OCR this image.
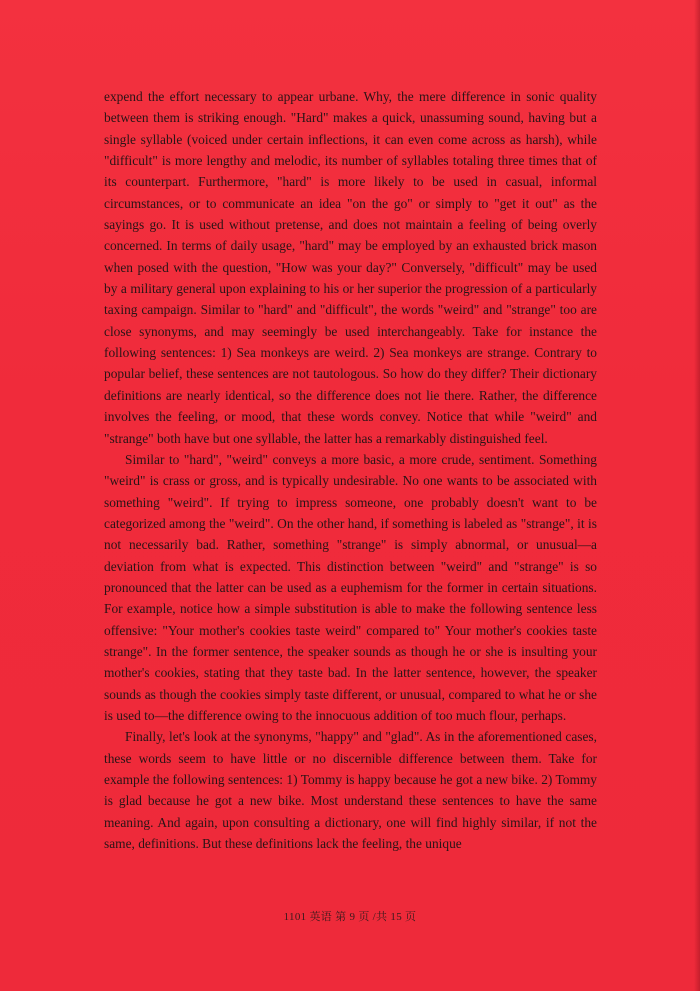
expend the effort necessary to appear urbane. Why, the mere difference in sonic quality between them is striking enough. "Hard" makes a quick, unassuming sound, having but a single syllable (voiced under certain inflections, it can even come across as harsh), while "difficult" is more lengthy and melodic, its number of syllables totaling three times that of its counterpart. Furthermore, "hard" is more likely to be used in casual, informal circumstances, or to communicate an idea "on the go" or simply to "get it out" as the sayings go. It is used without pretense, and does not maintain a feeling of being overly concerned. In terms of daily usage, "hard" may be employed by an exhausted brick mason when posed with the question, "How was your day?" Conversely, "difficult" may be used by a military general upon explaining to his or her superior the progression of a particularly taxing campaign. Similar to "hard" and "difficult", the words "weird" and "strange" too are close synonyms, and may seemingly be used interchangeably. Take for instance the following sentences: 1) Sea monkeys are weird. 2) Sea monkeys are strange. Contrary to popular belief, these sentences are not tautologous. So how do they differ? Their dictionary definitions are nearly identical, so the difference does not lie there. Rather, the difference involves the feeling, or mood, that these words convey. Notice that while "weird" and "strange" both have but one syllable, the latter has a remarkably distinguished feel.

Similar to "hard", "weird" conveys a more basic, a more crude, sentiment. Something "weird" is crass or gross, and is typically undesirable. No one wants to be associated with something "weird". If trying to impress someone, one probably doesn't want to be categorized among the "weird". On the other hand, if something is labeled as "strange", it is not necessarily bad. Rather, something "strange" is simply abnormal, or unusual—a deviation from what is expected. This distinction between "weird" and "strange" is so pronounced that the latter can be used as a euphemism for the former in certain situations. For example, notice how a simple substitution is able to make the following sentence less offensive: "Your mother's cookies taste weird" compared to" Your mother's cookies taste strange". In the former sentence, the speaker sounds as though he or she is insulting your mother's cookies, stating that they taste bad. In the latter sentence, however, the speaker sounds as though the cookies simply taste different, or unusual, compared to what he or she is used to—the difference owing to the innocuous addition of too much flour, perhaps.

Finally, let's look at the synonyms, "happy" and "glad". As in the aforementioned cases, these words seem to have little or no discernible difference between them. Take for example the following sentences: 1) Tommy is happy because he got a new bike. 2) Tommy is glad because he got a new bike. Most understand these sentences to have the same meaning. And again, upon consulting a dictionary, one will find highly similar, if not the same, definitions. But these definitions lack the feeling, the unique

1101 英语 第 9 页 /共 15 页
